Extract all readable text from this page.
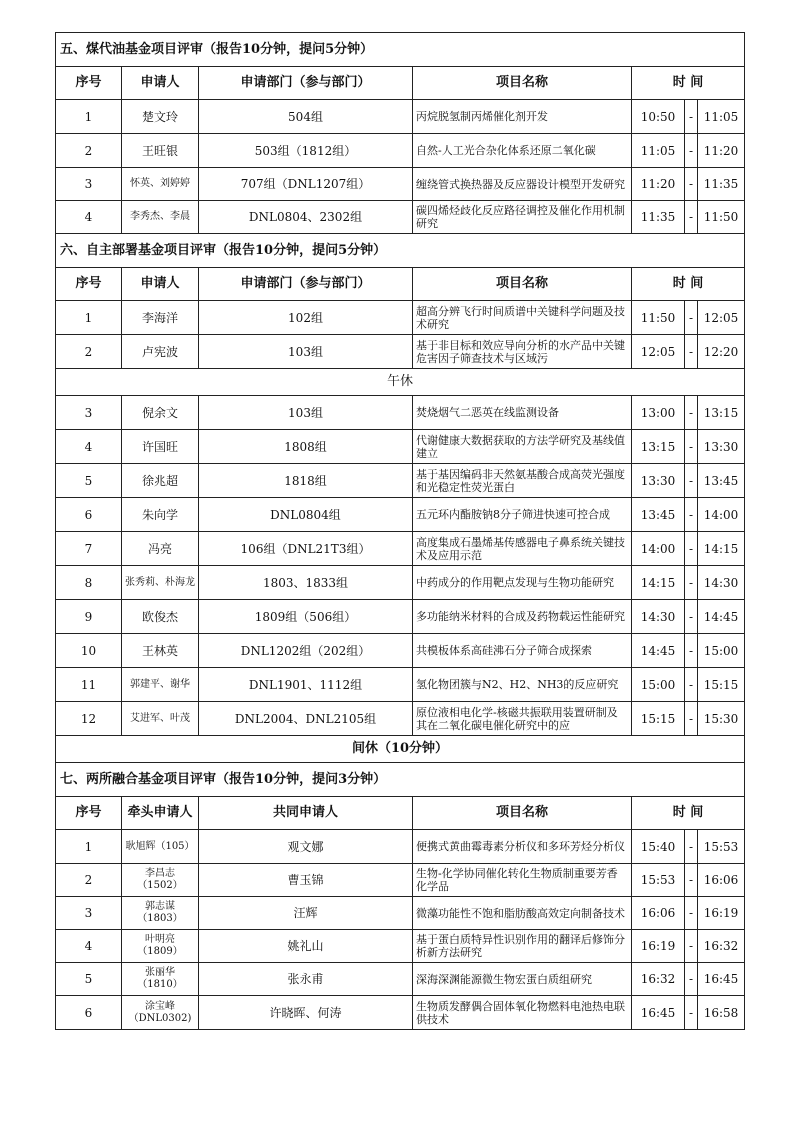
五、煤代油基金项目评审（报告10分钟，提问5分钟）						
序号	申请人	申请部门（参与部门）	项目名称	时 间		
1	楚文玲	504组	丙烷脱氢制丙烯催化剂开发	10:50	-	11:05
2	王旺银	503组（1812组）	自然-人工光合杂化体系还原二氧化碳	11:05	-	11:20
3	怀英、刘婷婷	707组（DNL1207组）	缠绕管式换热器及反应器设计模型开发研究	11:20	-	11:35
4	李秀杰、李晨	DNL0804、2302组	碳四烯烃歧化反应路径调控及催化作用机制研究	11:35	-	11:50
六、自主部署基金项目评审（报告10分钟，提问5分钟）						
序号	申请人	申请部门（参与部门）	项目名称	时 间		
1	李海洋	102组	超高分辨飞行时间质谱中关键科学问题及技术研究	11:50	-	12:05
2	卢宪波	103组	基于非目标和效应导向分析的水产品中关键危害因子筛查技术与区域污	12:05	-	12:20
午休						
3	倪余文	103组	焚烧烟气二恶英在线监测设备	13:00	-	13:15
4	许国旺	1808组	代谢健康大数据获取的方法学研究及基线值建立	13:15	-	13:30
5	徐兆超	1818组	基于基因编码非天然氨基酸合成高荧光强度和光稳定性荧光蛋白	13:30	-	13:45
6	朱向学	DNL0804组	五元环内酯胺钠8分子筛进快速可控合成	13:45	-	14:00
7	冯亮	106组（DNL21T3组）	高度集成石墨烯基传感器电子鼻系统关键技术及应用示范	14:00	-	14:15
8	张秀莉、朴海龙	1803、1833组	中药成分的作用靶点发现与生物功能研究	14:15	-	14:30
9	欧俊杰	1809组（506组）	多功能纳米材料的合成及药物载运性能研究	14:30	-	14:45
10	王林英	DNL1202组（202组）	共模板体系高硅沸石分子筛合成探索	14:45	-	15:00
11	郭建平、谢华	DNL1901、1112组	氢化物团簇与N2、H2、NH3的反应研究	15:00	-	15:15
12	艾进军、叶茂	DNL2004、DNL2105组	原位液相电化学-核磁共振联用装置研制及其在二氧化碳电催化研究中的应	15:15	-	15:30
间休（10分钟）						
七、两所融合基金项目评审（报告10分钟，提问3分钟）						
序号	牵头申请人	共同申请人	项目名称	时 间		
1	耿旭辉（105）	观文娜	便携式黄曲霉毒素分析仪和多环芳烃分析仪	15:40	-	15:53
2	李昌志（1502）	曹玉锦	生物-化学协同催化转化生物质制重要芳香化学品	15:53	-	16:06
3	郭志谋（1803）	汪辉	微藻功能性不饱和脂肪酸高效定向制备技术	16:06	-	16:19
4	叶明亮（1809）	姚礼山	基于蛋白质特异性识别作用的翻译后修饰分析新方法研究	16:19	-	16:32
5	张丽华（1810）	张永甫	深海深渊能源微生物宏蛋白质组研究	16:32	-	16:45
6	涂宝峰（DNL0302)	许晓晖、何涛	生物质发酵偶合固体氧化物燃料电池热电联供技术	16:45	-	16:58
